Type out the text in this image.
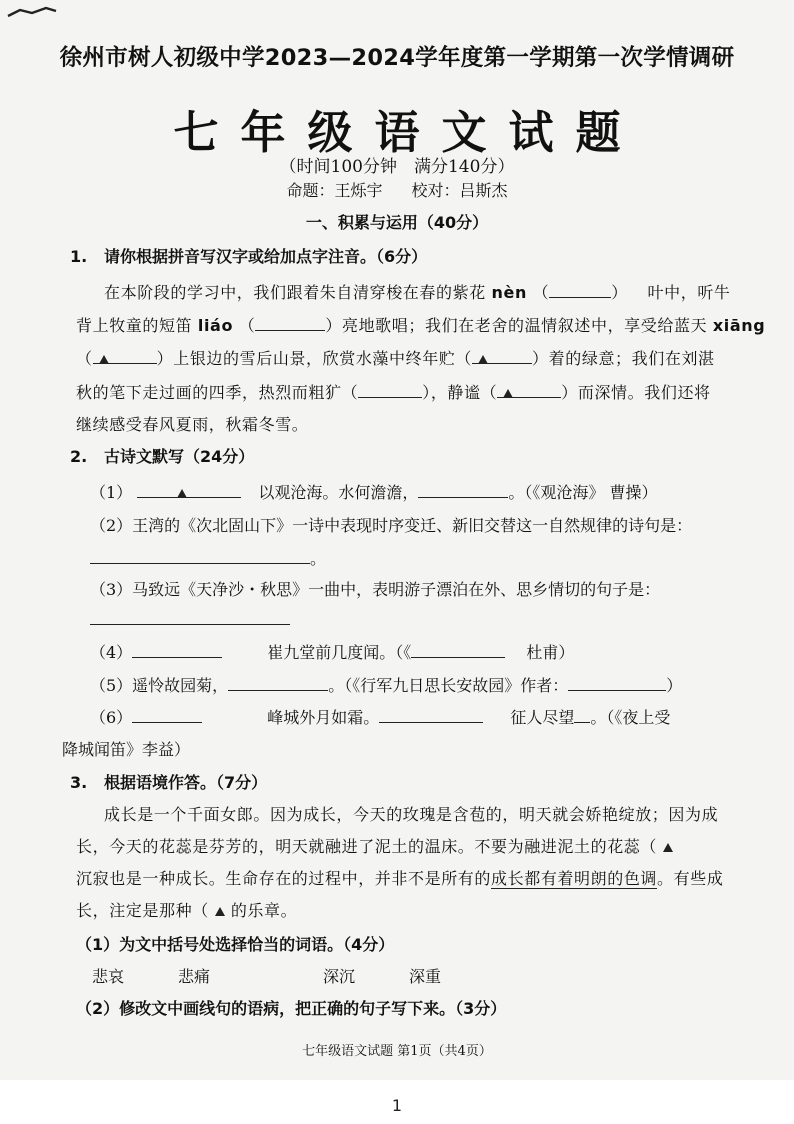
徐州市树人初级中学2023—2024学年度第一学期第一次学情调研
七年级语文试题
（时间100分钟　满分140分）
命题：王烁宇 校对：吕斯杰
一、积累与运用（40分）
1. 请你根据拼音写汉字或给加点字注音。（6分）
在本阶段的学习中，我们跟着朱自清穿梭在春的紫花 nèn （	） 叶中，听牛
背上牧童的短笛 liáo （	）亮地歌唱；我们在老舍的温情叙述中，享受给蓝天 xiāng
（	）上银边的雪后山景，欣赏水藻中终年贮（	）着的绿意；我们在刘湛
秋的笔下走过画的四季，热烈而粗犷（	），静谧（	）而深情。我们还将
继续感受春风夏雨，秋霜冬雪。
2. 古诗文默写（24分）
（1）	以观沧海。水何澹澹，	。（《观沧海》 曹操）
（2）王湾的《次北固山下》一诗中表现时序变迁、新旧交替这一自然规律的诗句是：
。
（3）马致远《天净沙・秋思》一曲中，表明游子漂泊在外、思乡情切的句子是：
（4）	崔九堂前几度闻。（《	杜甫）
（5）遥怜故园菊，	。（《行军九日思长安故园》作者：	）
（6）	峰城外月如霜。	征人尽望 。（《夜上受
降城闻笛》李益）
3. 根据语境作答。（7分）
成长是一个千面女郎。因为成长，今天的玫瑰是含苞的，明天就会娇艳绽放；因为成
长，今天的花蕊是芬芳的，明天就融进了泥土的温床。不要为融进泥土的花蕊（
沉寂也是一种成长。生命存在的过程中，并非不是所有的成长都有着明朗的色调。有些成
长，注定是那种（ 的乐章。
（1）为文中括号处选择恰当的词语。（4分）
悲哀	悲痛	深沉	深重
（2）修改文中画线句的语病，把正确的句子写下来。（3分）
七年级语文试题 第1页（共4页）
1
